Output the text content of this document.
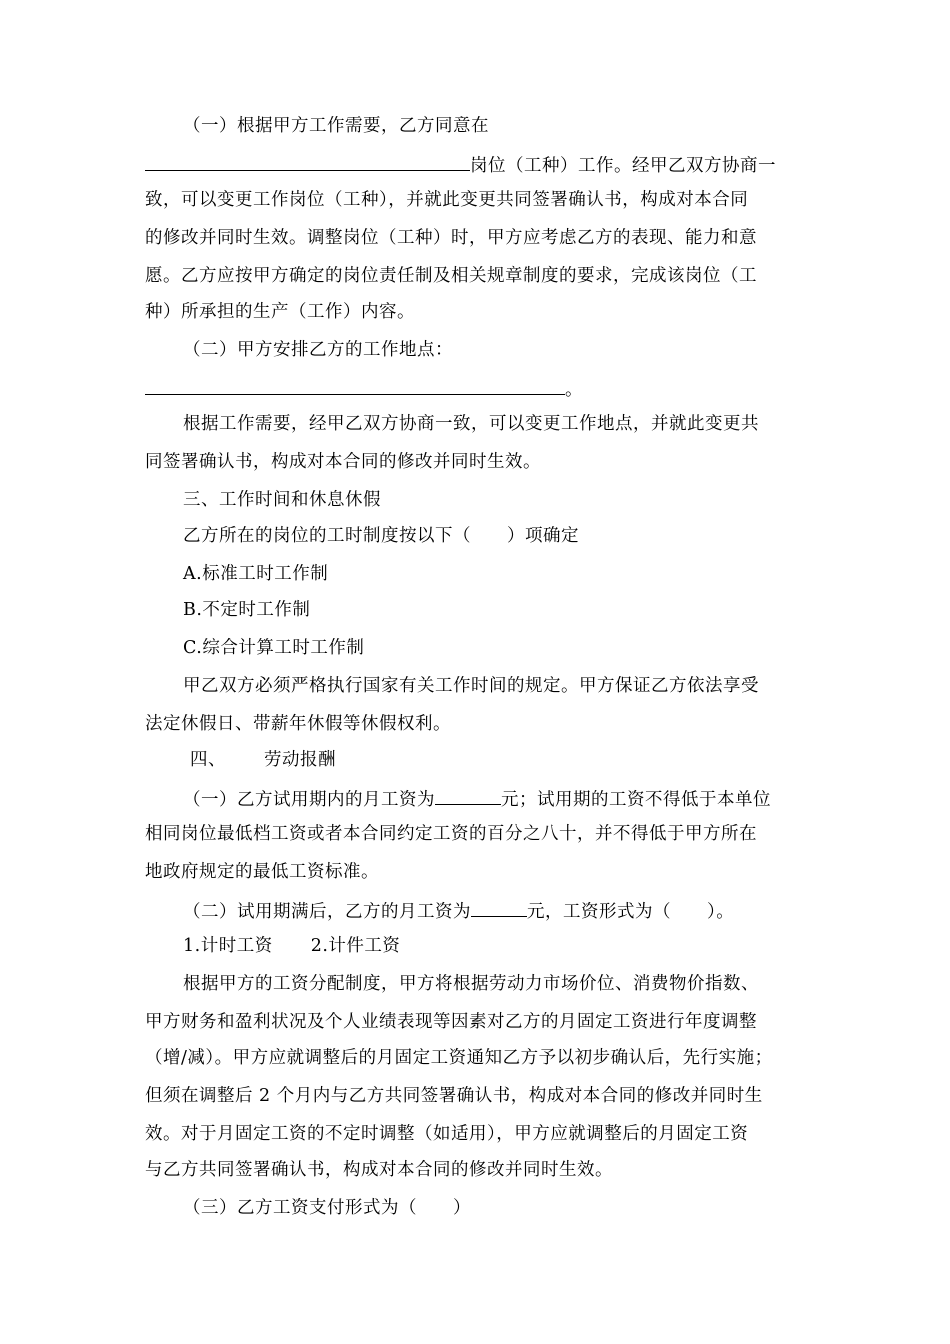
（一）根据甲方工作需要，乙方同意在
岗位（工种）工作。经甲乙双方协商一
致，可以变更工作岗位（工种），并就此变更共同签署确认书，构成对本合同
的修改并同时生效。调整岗位（工种）时，甲方应考虑乙方的表现、能力和意
愿。乙方应按甲方确定的岗位责任制及相关规章制度的要求，完成该岗位（工
种）所承担的生产（工作）内容。
（二）甲方安排乙方的工作地点：
。
根据工作需要，经甲乙双方协商一致，可以变更工作地点，并就此变更共
同签署确认书，构成对本合同的修改并同时生效。
三、工作时间和休息休假
乙方所在的岗位的工时制度按以下（　　）项确定
A.标准工时工作制
B.不定时工作制
C.综合计算工时工作制
甲乙双方必须严格执行国家有关工作时间的规定。甲方保证乙方依法享受
法定休假日、带薪年休假等休假权利。
四、 劳动报酬
（一）乙方试用期内的月工资为	元；试用期的工资不得低于本单位
相同岗位最低档工资或者本合同约定工资的百分之八十，并不得低于甲方所在
地政府规定的最低工资标准。
（二）试用期满后，乙方的月工资为	元，工资形式为（　　）。
1.计时工资 2.计件工资
根据甲方的工资分配制度，甲方将根据劳动力市场价位、消费物价指数、
甲方财务和盈利状况及个人业绩表现等因素对乙方的月固定工资进行年度调整
（增/减）。甲方应就调整后的月固定工资通知乙方予以初步确认后，先行实施；
但须在调整后 2 个月内与乙方共同签署确认书，构成对本合同的修改并同时生
效。对于月固定工资的不定时调整（如适用），甲方应就调整后的月固定工资
与乙方共同签署确认书，构成对本合同的修改并同时生效。
（三）乙方工资支付形式为（　　）
